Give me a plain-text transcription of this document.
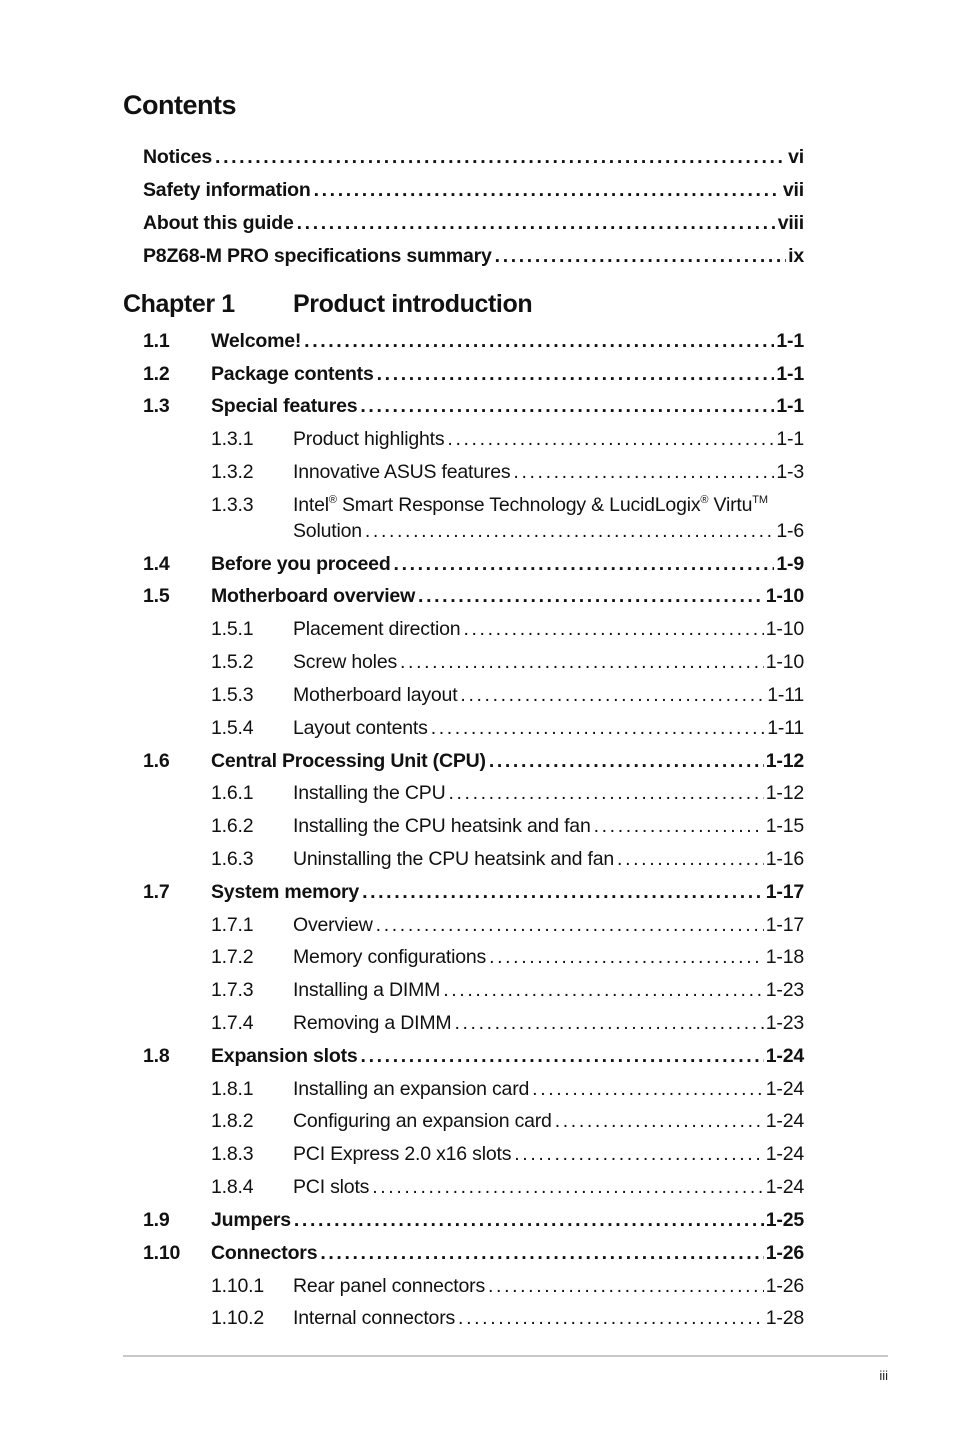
Contents
Notices . . .	vi
Safety information . . .	vii
About this guide . . .	viii
P8Z68-M PRO specifications summary . . .	ix
Chapter 1 Product introduction
1.1 Welcome! . . .	1-1
1.2 Package contents . . .	1-1
1.3 Special features . . .	1-1
1.3.1 Product highlights . . .	1-1
1.3.2 Innovative ASUS features . . .	1-3
1.3.3 Intel® Smart Response Technology & LucidLogix® Virtu™
Solution . . .	1-6
1.4 Before you proceed . . .	1-9
1.5 Motherboard overview . . .	1-10
1.5.1 Placement direction . . .	1-10
1.5.2 Screw holes . . .	1-10
1.5.3 Motherboard layout . . .	1-11
1.5.4 Layout contents . . .	1-11
1.6 Central Processing Unit (CPU) . . .	1-12
1.6.1 Installing the CPU . . .	1-12
1.6.2 Installing the CPU heatsink and fan . . .	1-15
1.6.3 Uninstalling the CPU heatsink and fan . . .	1-16
1.7 System memory . . .	1-17
1.7.1 Overview . . .	1-17
1.7.2 Memory configurations . . .	1-18
1.7.3 Installing a DIMM . . .	1-23
1.7.4 Removing a DIMM . . .	1-23
1.8 Expansion slots . . .	1-24
1.8.1 Installing an expansion card . . .	1-24
1.8.2 Configuring an expansion card . . .	1-24
1.8.3 PCI Express 2.0 x16 slots . . .	1-24
1.8.4 PCI slots . . .	1-24
1.9 Jumpers . . .	1-25
1.10 Connectors . . .	1-26
1.10.1 Rear panel connectors . . .	1-26
1.10.2 Internal connectors . . .	1-28
iii
